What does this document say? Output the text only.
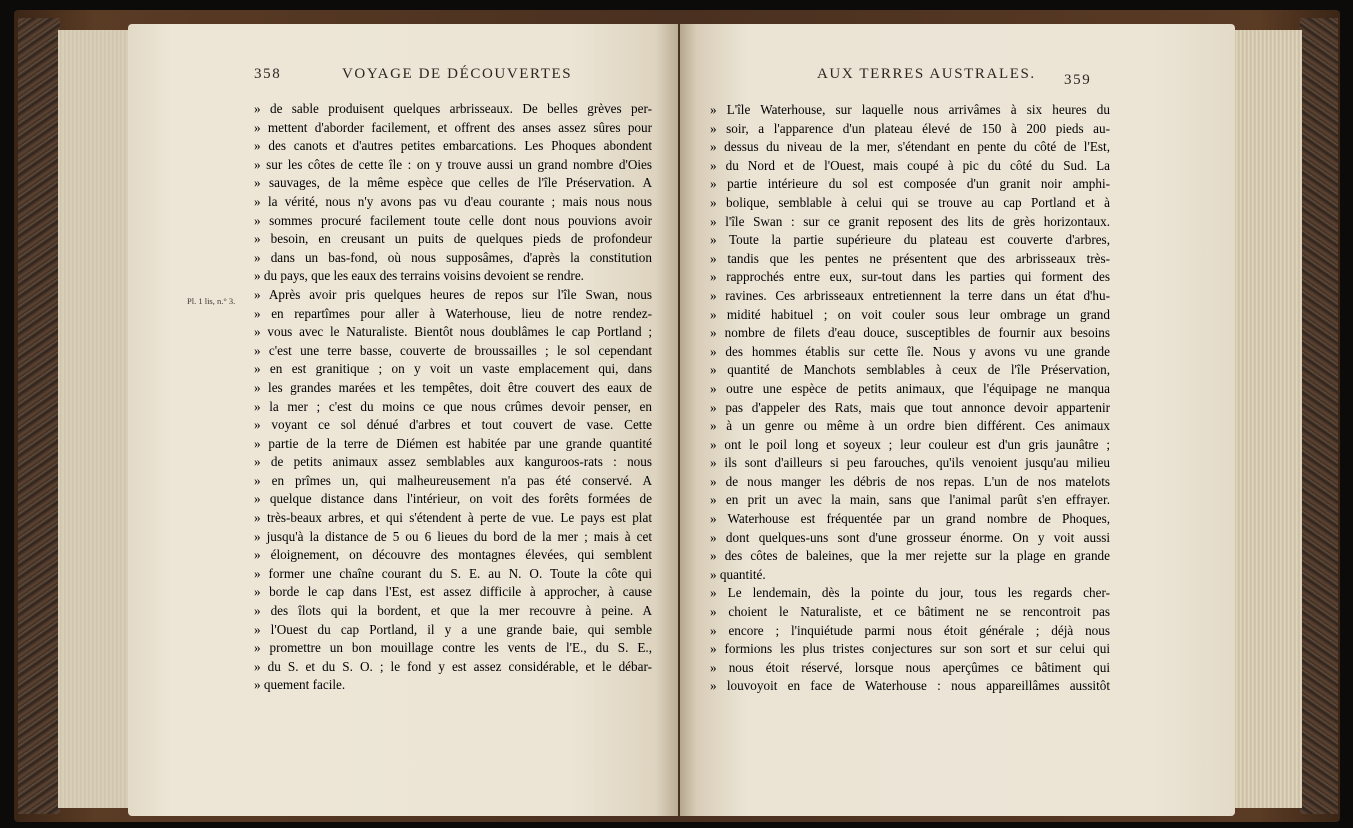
358	VOYAGE DE DÉCOUVERTES	AUX TERRES AUSTRALES. 359
Pl. 1 lis, n.° 3.
» de sable produisent quelques arbrisseaux. De belles grèves per-
» mettent d'aborder facilement, et offrent des anses assez sûres pour
» des canots et d'autres petites embarcations. Les Phoques abondent
» sur les côtes de cette île : on y trouve aussi un grand nombre d'Oies
» sauvages, de la même espèce que celles de l'île Préservation. A
» la vérité, nous n'y avons pas vu d'eau courante ; mais nous nous
» sommes procuré facilement toute celle dont nous pouvions avoir
» besoin, en creusant un puits de quelques pieds de profondeur
» dans un bas-fond, où nous supposâmes, d'après la constitution
» du pays, que les eaux des terrains voisins devoient se rendre.
» Après avoir pris quelques heures de repos sur l'île Swan, nous
» en repartîmes pour aller à Waterhouse, lieu de notre rendez-
» vous avec le Naturaliste. Bientôt nous doublâmes le cap Portland ;
» c'est une terre basse, couverte de broussailles ; le sol cependant
» en est granitique ; on y voit un vaste emplacement qui, dans
» les grandes marées et les tempêtes, doit être couvert des eaux de
» la mer ; c'est du moins ce que nous crûmes devoir penser, en
» voyant ce sol dénué d'arbres et tout couvert de vase. Cette
» partie de la terre de Diémen est habitée par une grande quantité
» de petits animaux assez semblables aux kanguroos-rats : nous
» en prîmes un, qui malheureusement n'a pas été conservé. A
» quelque distance dans l'intérieur, on voit des forêts formées de
» très-beaux arbres, et qui s'étendent à perte de vue. Le pays est plat
» jusqu'à la distance de 5 ou 6 lieues du bord de la mer ; mais à cet
» éloignement, on découvre des montagnes élevées, qui semblent
» former une chaîne courant du S. E. au N. O. Toute la côte qui
» borde le cap dans l'Est, est assez difficile à approcher, à cause
» des îlots qui la bordent, et que la mer recouvre à peine. A
» l'Ouest du cap Portland, il y a une grande baie, qui semble
» promettre un bon mouillage contre les vents de l'E., du S. E.,
» du S. et du S. O. ; le fond y est assez considérable, et le débar-
» quement facile.
» L'île Waterhouse, sur laquelle nous arrivâmes à six heures du
» soir, a l'apparence d'un plateau élevé de 150 à 200 pieds au-
» dessus du niveau de la mer, s'étendant en pente du côté de l'Est,
» du Nord et de l'Ouest, mais coupé à pic du côté du Sud. La
» partie intérieure du sol est composée d'un granit noir amphi-
» bolique, semblable à celui qui se trouve au cap Portland et à
» l'île Swan : sur ce granit reposent des lits de grès horizontaux.
» Toute la partie supérieure du plateau est couverte d'arbres,
» tandis que les pentes ne présentent que des arbrisseaux très-
» rapprochés entre eux, sur-tout dans les parties qui forment des
» ravines. Ces arbrisseaux entretiennent la terre dans un état d'hu-
» midité habituel ; on voit couler sous leur ombrage un grand
» nombre de filets d'eau douce, susceptibles de fournir aux besoins
» des hommes établis sur cette île. Nous y avons vu une grande
» quantité de Manchots semblables à ceux de l'île Préservation,
» outre une espèce de petits animaux, que l'équipage ne manqua
» pas d'appeler des Rats, mais que tout annonce devoir appartenir
» à un genre ou même à un ordre bien différent. Ces animaux
» ont le poil long et soyeux ; leur couleur est d'un gris jaunâtre ;
» ils sont d'ailleurs si peu farouches, qu'ils venoient jusqu'au milieu
» de nous manger les débris de nos repas. L'un de nos matelots
» en prit un avec la main, sans que l'animal parût s'en effrayer.
» Waterhouse est fréquentée par un grand nombre de Phoques,
» dont quelques-uns sont d'une grosseur énorme. On y voit aussi
» des côtes de baleines, que la mer rejette sur la plage en grande
» quantité.
» Le lendemain, dès la pointe du jour, tous les regards cher-
» choient le Naturaliste, et ce bâtiment ne se rencontroit pas
» encore ; l'inquiétude parmi nous étoit générale ; déjà nous
» formions les plus tristes conjectures sur son sort et sur celui qui
» nous étoit réservé, lorsque nous aperçûmes ce bâtiment qui
» louvoyoit en face de Waterhouse : nous appareillâmes aussitôt
